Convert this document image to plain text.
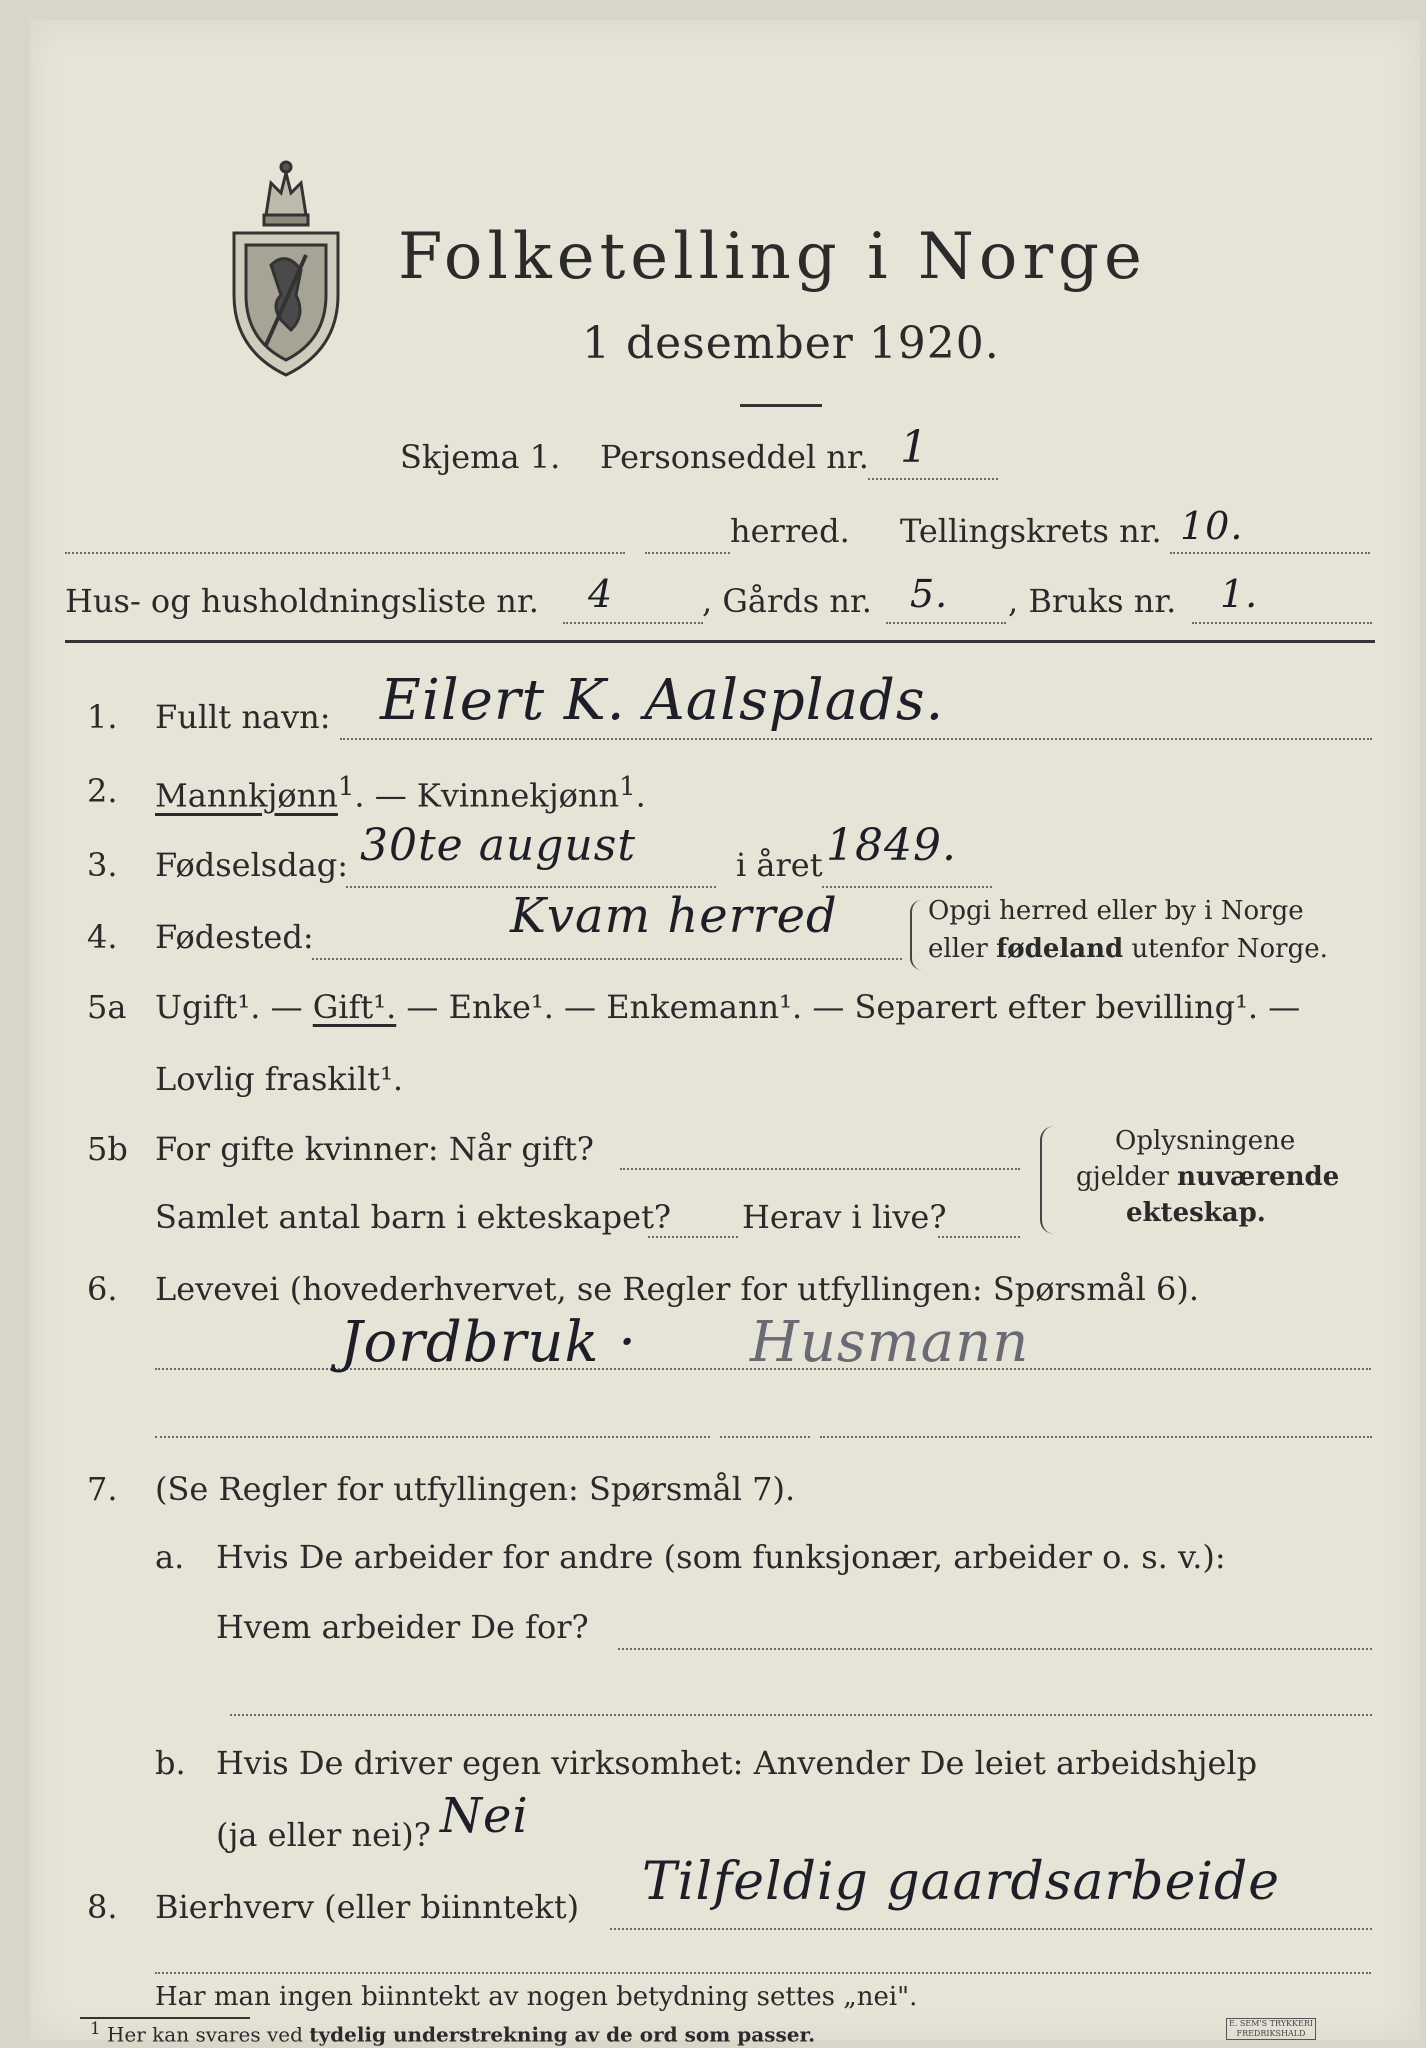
Folketelling i Norge
1 desember 1920.
Skjema 1. Personseddel nr. 1
herred. Tellingskrets nr. 10.
Hus- og husholdningsliste nr. 4	, Gårds nr. 5. , Bruks nr. 1.
1. Fullt navn: Eilert K. Aalsplads.
2. Mannkjønn$^1$. — Kvinnekjønn$^1$.
3. Fødselsdag: 30te august	i året 1849.
4. Fødested:	Kvam herred	Opgi herred eller by i Norge
eller fødeland utenfor Norge.
5a Ugift¹. — Gift¹. — Enke¹. — Enkemann¹. — Separert efter bevilling¹. —
Lovlig fraskilt¹.
5b For gifte kvinner: Når gift?
Samlet antal barn i ekteskapet? Herav i live?
Oplysningene
gjelder nuværende
ekteskap.
6. Levevei (hovederhvervet, se Regler for utfyllingen: Spørsmål 6).
Jordbruk · Husmann
7. (Se Regler for utfyllingen: Spørsmål 7).
a. Hvis De arbeider for andre (som funksjonær, arbeider o. s. v.):
Hvem arbeider De for?
b. Hvis De driver egen virksomhet: Anvender De leiet arbeidshjelp
(ja eller nei)? Nei
8. Bierhverv (eller biinntekt) Tilfeldig gaardsarbeide
Har man ingen biinntekt av nogen betydning settes „nei".
$^1$ Her kan svares ved tydelig understrekning av de ord som passer.	E. SEM'S TRYKKERI
FREDRIKSHALD
